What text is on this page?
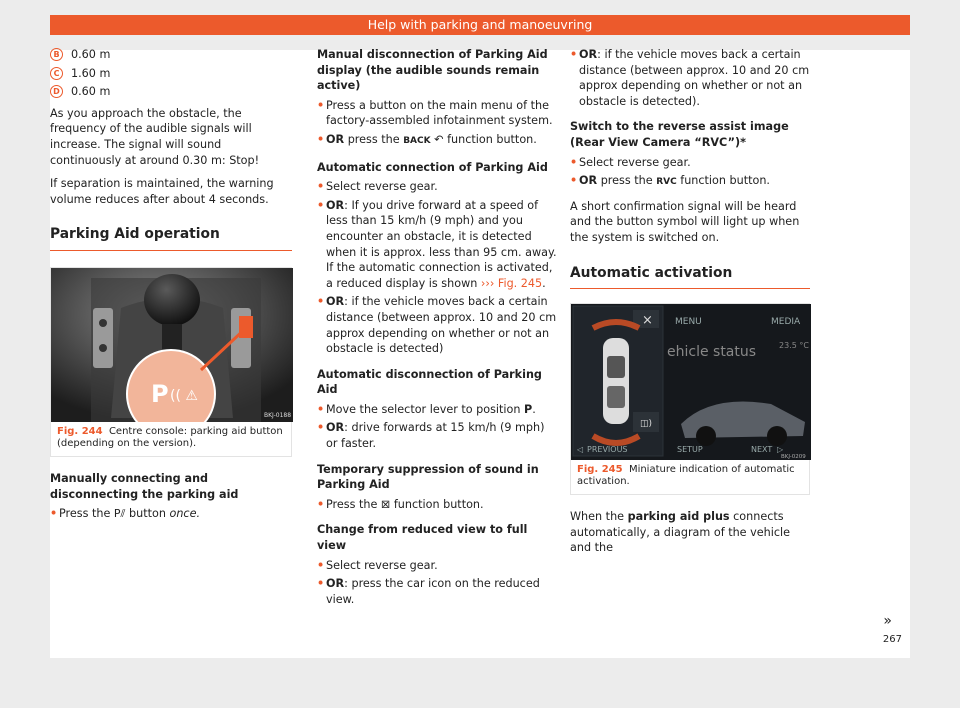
Help with parking and manoeuvring
B	0.60 m
C	1.60 m
D 0.60 m

As you approach the obstacle, the frequency of the audible signals will increase. The signal will sound continuously at around 0.30 m: Stop!

If separation is maintained, the warning volume reduces after about 4 seconds.

Parking Aid operation
P (( ⚠
BKJ-0188
Fig. 244 Centre console: parking aid button (depending on the version).
Manually connecting and disconnecting the parking aid
• Press the P⫽ button once.
Manual disconnection of Parking Aid display (the audible sounds remain active)
• Press a button on the main menu of the factory-assembled infotainment system.
• OR press the BACK ↶ function button.
Automatic connection of Parking Aid
• Select reverse gear.
• OR: If you drive forward at a speed of less than 15 km/h (9 mph) and you encounter an obstacle, it is detected when it is approx. less than 95 cm. away. If the automatic connection is activated, a reduced display is shown ››› Fig. 245.
• OR: if the vehicle moves back a certain distance (between approx. 10 and 20 cm approx depending on whether or not an obstacle is detected)
Automatic disconnection of Parking Aid
• Move the selector lever to position P.
• OR: drive forwards at 15 km/h (9 mph) or faster.
Temporary suppression of sound in Parking Aid
• Press the ⊠ function button.
Change from reduced view to full view
• Select reverse gear.
• OR: press the car icon on the reduced view.
• OR: if the vehicle moves back a certain distance (between approx. 10 and 20 cm approx depending on whether or not an obstacle is detected).
Switch to the reverse assist image (Rear View Camera “RVC”)*
• Select reverse gear.
• OR press the RVC function button.

A short confirmation signal will be heard and the button symbol will light up when the system is switched on.

Automatic activation
×
◫)
MENU	MEDIA
ehicle status	23.5 °C
◁ PREVIOUS	SETUP	NEXT ▷
BKJ-0209
Fig. 245 Miniature indication of automatic activation.

When the parking aid plus connects automatically, a diagram of the vehicle and the

»
267
